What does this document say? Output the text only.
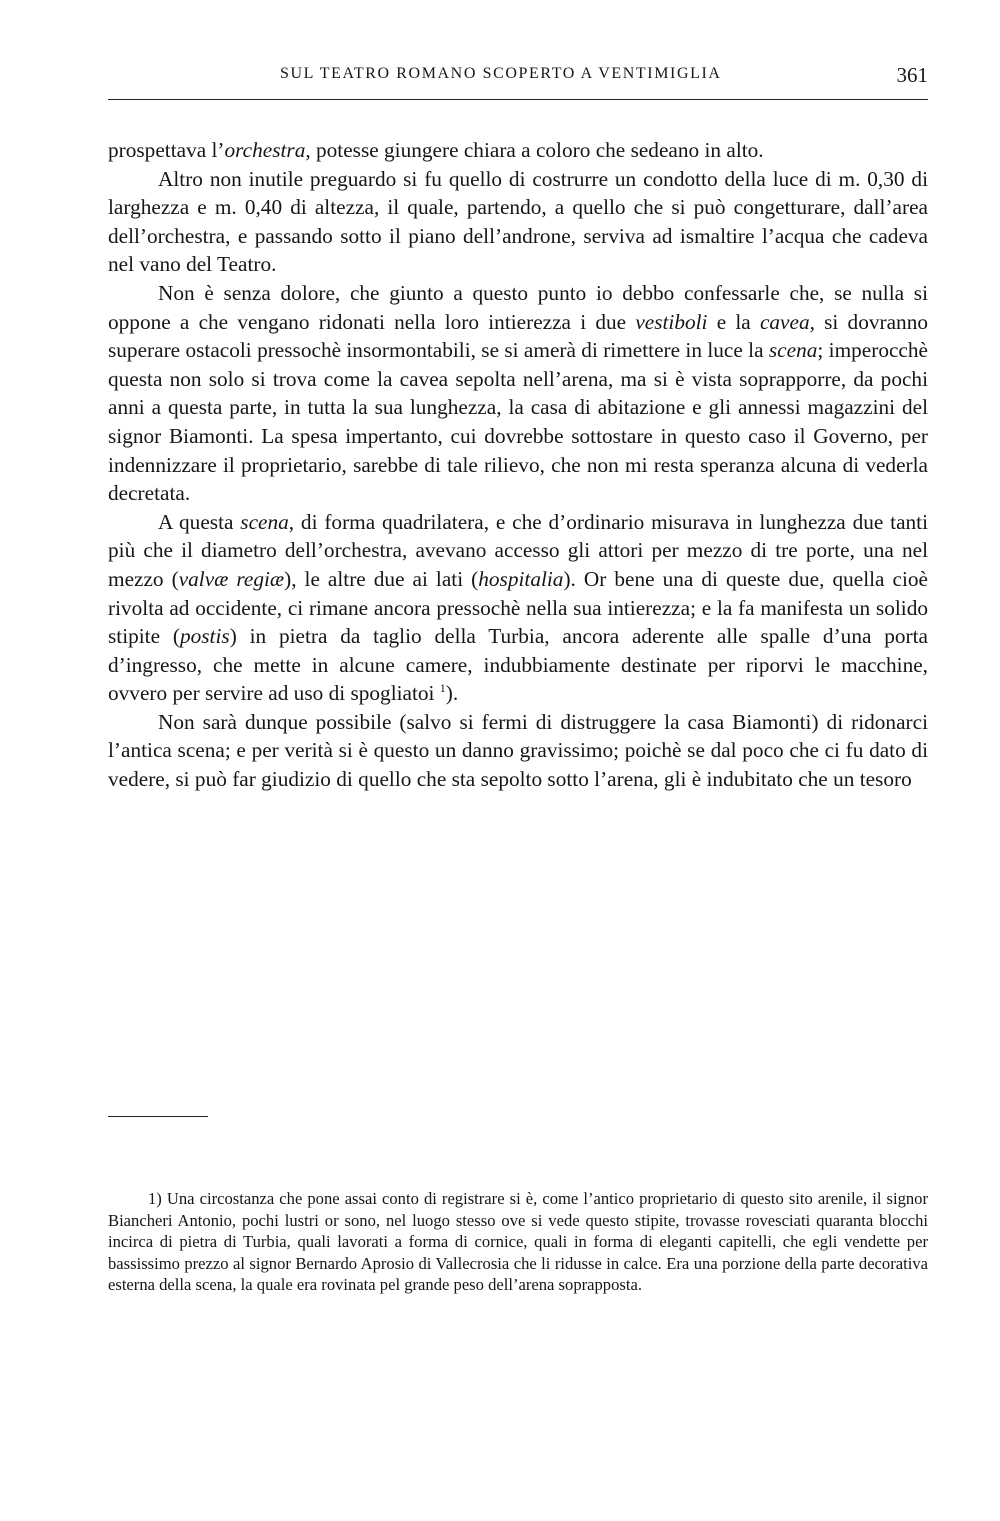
SUL TEATRO ROMANO SCOPERTO A VENTIMIGLIA	361

prospettava l’orchestra, potesse giungere chiara a coloro che sedeano in alto.

Altro non inutile preguardo si fu quello di costrurre un condotto della luce di m. 0,30 di larghezza e m. 0,40 di altezza, il quale, partendo, a quello che si può congetturare, dall’area dell’orchestra, e passando sotto il piano dell’androne, serviva ad ismaltire l’acqua che cadeva nel vano del Teatro.

Non è senza dolore, che giunto a questo punto io debbo confessarle che, se nulla si oppone a che vengano ridonati nella loro intierezza i due vestiboli e la cavea, si dovranno superare ostacoli pressochè insormontabili, se si amerà di rimettere in luce la scena; imperocchè questa non solo si trova come la cavea sepolta nell’arena, ma si è vista soprapporre, da pochi anni a questa parte, in tutta la sua lunghezza, la casa di abitazione e gli annessi magazzini del signor Biamonti. La spesa impertanto, cui dovrebbe sottostare in questo caso il Governo, per indennizzare il proprietario, sarebbe di tale rilievo, che non mi resta speranza alcuna di vederla decretata.

A questa scena, di forma quadrilatera, e che d’ordinario misurava in lunghezza due tanti più che il diametro dell’orchestra, avevano accesso gli attori per mezzo di tre porte, una nel mezzo (valvæ regiæ), le altre due ai lati (hospitalia). Or bene una di queste due, quella cioè rivolta ad occidente, ci rimane ancora pressochè nella sua intierezza; e la fa manifesta un solido stipite (postis) in pietra da taglio della Turbia, ancora aderente alle spalle d’una porta d’ingresso, che mette in alcune camere, indubbiamente destinate per riporvi le macchine, ovvero per servire ad uso di spogliatoi $^1$).

Non sarà dunque possibile (salvo si fermi di distruggere la casa Biamonti) di ridonarci l’antica scena; e per verità si è questo un danno gravissimo; poichè se dal poco che ci fu dato di vedere, si può far giudizio di quello che sta sepolto sotto l’arena, gli è indubitato che un tesoro

1) Una circostanza che pone assai conto di registrare si è, come l’antico proprietario di questo sito arenile, il signor Biancheri Antonio, pochi lustri or sono, nel luogo stesso ove si vede questo stipite, trovasse rovesciati quaranta blocchi incirca di pietra di Turbia, quali lavorati a forma di cornice, quali in forma di eleganti capitelli, che egli vendette per bassissimo prezzo al signor Bernardo Aprosio di Vallecrosia che li ridusse in calce. Era una porzione della parte decorativa esterna della scena, la quale era rovinata pel grande peso dell’arena soprapposta.
